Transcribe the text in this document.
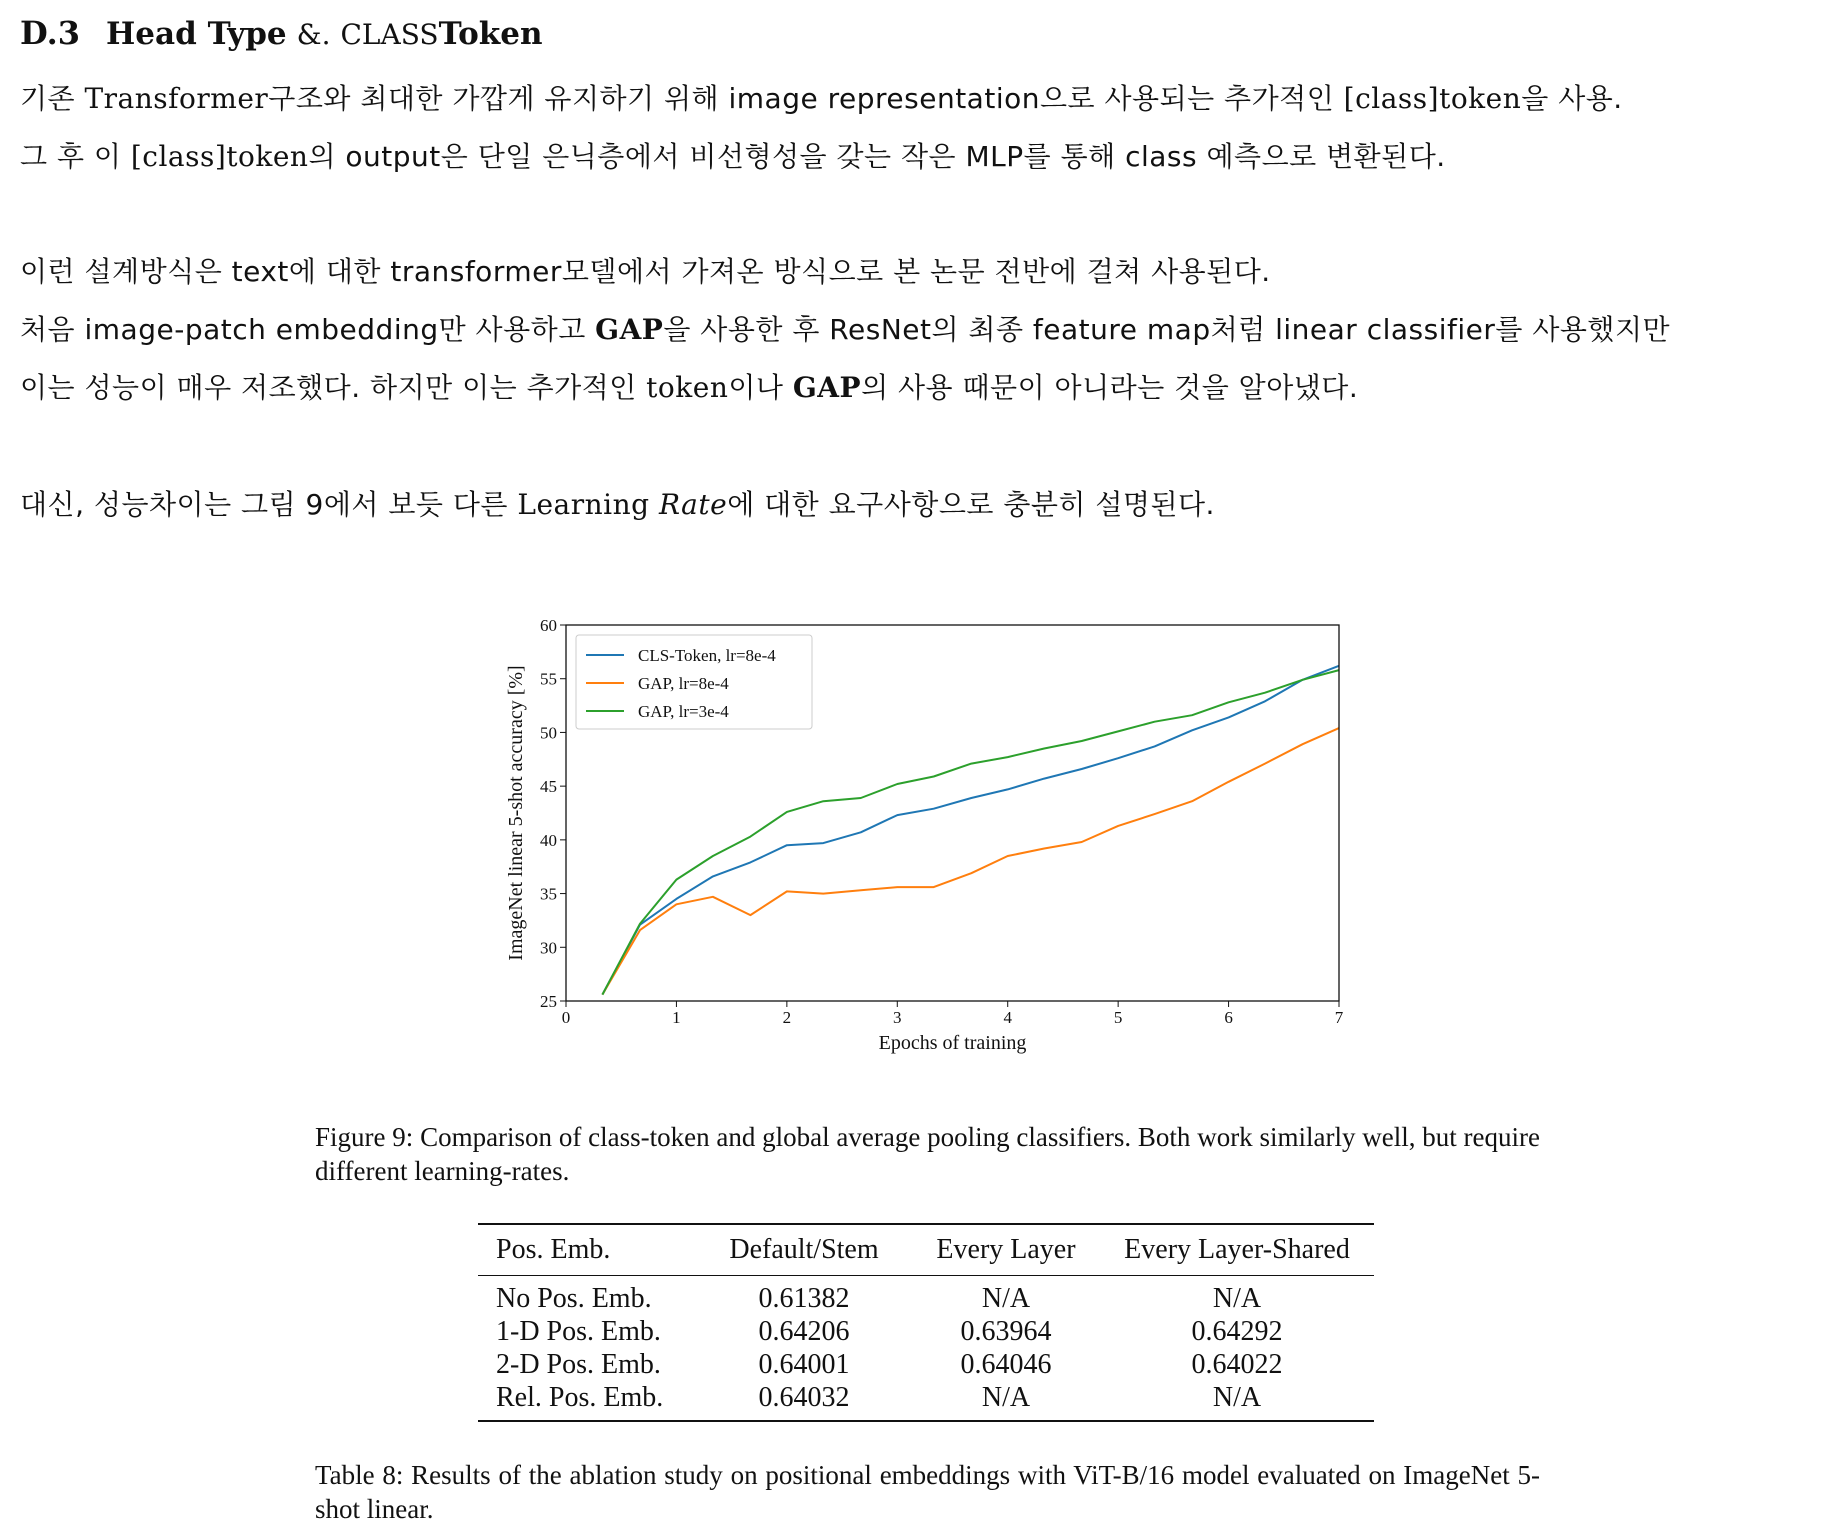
D.3 Head Type &. CLASS Token
기존 Transformer구조와 최대한 가깝게 유지하기 위해 image representation으로 사용되는 추가적인 [class]token을 사용.
그 후 이 [class]token의 output은 단일 은닉층에서 비선형성을 갖는 작은 MLP를 통해 class 예측으로 변환된다.
이런 설계방식은 text에 대한 transformer모델에서 가져온 방식으로 본 논문 전반에 걸쳐 사용된다.
처음 image-patch embedding만 사용하고 GAP을 사용한 후 ResNet의 최종 feature map처럼 linear classifier를 사용했지만
이는 성능이 매우 저조했다. 하지만 이는 추가적인 token이나 GAP의 사용 때문이 아니라는 것을 알아냈다.
대신, 성능차이는 그림 9에서 보듯 다른 Learning Rate에 대한 요구사항으로 충분히 설명된다.
0	1	2	3	4	5	6	7
25
30
35
40
45
50
55
60
Epochs of training
ImageNet linear 5-shot accuracy [%]
CLS-Token, lr=8e-4
GAP, lr=8e-4
GAP, lr=3e-4
Figure 9: Comparison of class-token and global average pooling classifiers. Both work similarly well, but require different learning-rates.
Pos. Emb.	Default/Stem	Every Layer	Every Layer-Shared
No Pos. Emb.	0.61382	N/A	N/A
1-D Pos. Emb.	0.64206	0.63964	0.64292
2-D Pos. Emb.	0.64001	0.64046	0.64022
Rel. Pos. Emb.	0.64032	N/A	N/A
Table 8: Results of the ablation study on positional embeddings with ViT-B/16 model evaluated on ImageNet 5-shot linear.
